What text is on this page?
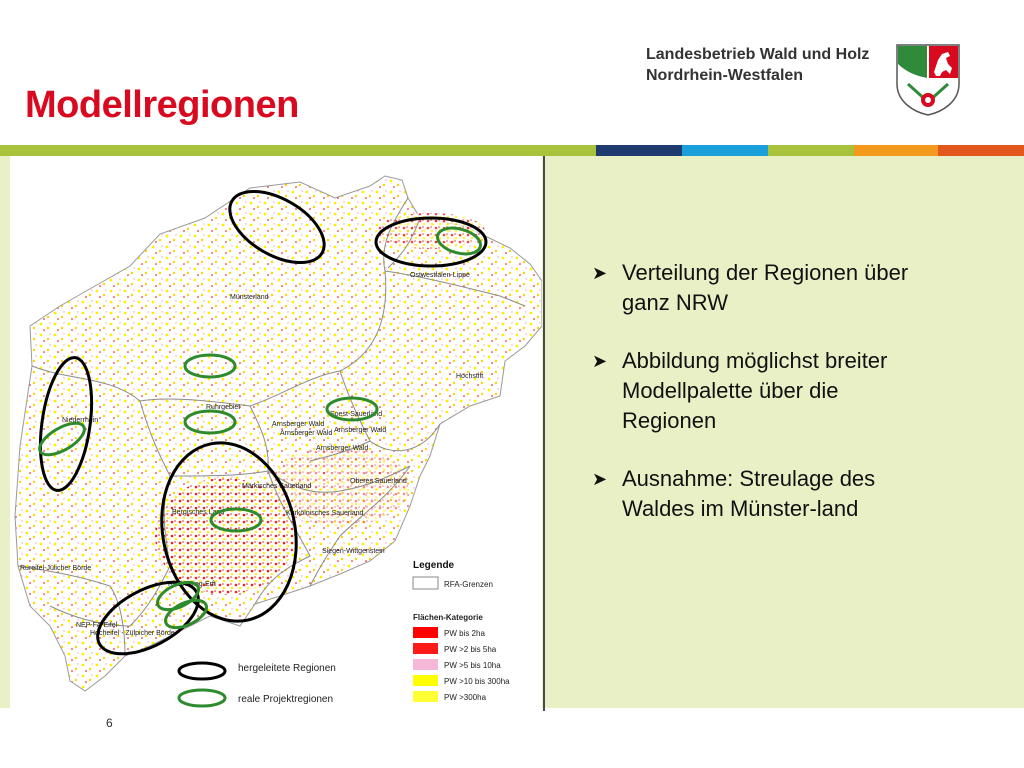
Modellregionen
Landesbetrieb Wald und Holz
Nordrhein-Westfalen
Münsterland
Ostwestfalen-Lippe
Hochstift
Niederrhein
Ruhrgebiet
Soest-Sauerland
Arnsberger Wald
Arnsberger Wald Arnsberger Wald
Arnsberger Wald
Märkisches Sauerland
Oberes Sauerland
Bergisches Land	Kurkölnisches Sauerland
Siegen-Wittgenstein
Rureifel-Jülicher Börde
Rhein-Sieg-Erft
NEP-FA-Eifel
Hocheifel - Zülpicher Börde
Legende
RFA-Grenzen
Flächen-Kategorie
PW bis 2ha
PW >2 bis 5ha
PW >5 bis 10ha
PW >10 bis 300ha
PW >300ha
hergeleitete Regionen
reale Projektregionen
➤ Verteilung der Regionen über ganz NRW
➤ Abbildung möglichst breiter Modellpalette über die Regionen
➤ Ausnahme: Streulage des Waldes im Münster-land
6
